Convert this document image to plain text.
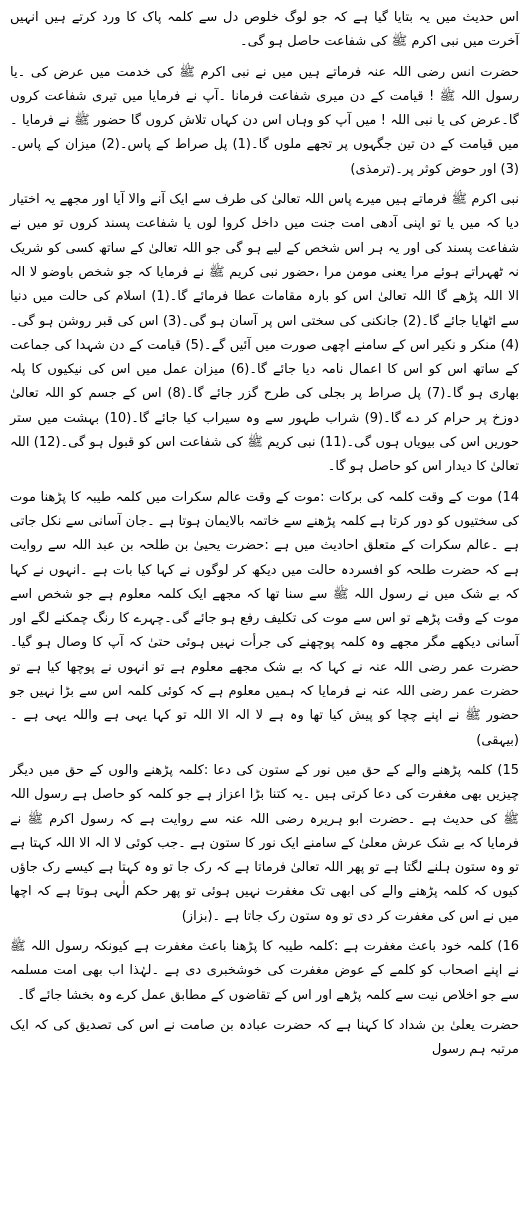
اس حدیث میں یہ بتایا گیا ہے کہ جو لوگ خلوص دل سے کلمہ پاک کا ورد کرتے ہیں انہیں آخرت میں نبی اکرم ﷺ کی شفاعت حاصل ہو گی۔

حضرت انس رضی اللہ عنہ فرماتے ہیں میں نے نبی اکرم ﷺ کی خدمت میں عرض کی ۔یا رسول اللہ ﷺ ! قیامت کے دن میری شفاعت فرمانا ۔آپ نے فرمایا میں تیری شفاعت کروں گا۔عرض کی یا نبی اللہ ! میں آپ کو وہاں اس دن کہاں تلاش کروں گا حضور ﷺ نے فرمایا ۔میں قیامت کے دن تین جگہوں پر تجھے ملوں گا۔(1) پل صراط کے پاس۔(2) میزان کے پاس۔(3) اور حوض کوثر پر۔(ترمذی)

نبی اکرم ﷺ فرماتے ہیں میرے پاس اللہ تعالیٰ کی طرف سے ایک آنے والا آیا اور مجھے یہ اختیار دیا کہ میں یا تو اپنی آدھی امت جنت میں داخل کروا لوں یا شفاعت پسند کروں تو میں نے شفاعت پسند کی اور یہ ہر اس شخص کے لیے ہو گی جو اللہ تعالیٰ کے ساتھ کسی کو شریک نہ ٹھہراتے ہوئے مرا یعنی مومن مرا ،حضور نبی کریم ﷺ نے فرمایا کہ جو شخص باوضو لا الہ الا اللہ پڑھے گا اللہ تعالیٰ اس کو بارہ مقامات عطا فرمائے گا۔(1) اسلام کی حالت میں دنیا سے اٹھایا جائے گا۔(2) جانکنی کی سختی اس پر آسان ہو گی۔(3) اس کی قبر روشن ہو گی۔(4) منکر و نکیر اس کے سامنے اچھی صورت میں آئیں گے۔(5) قیامت کے دن شہدا کی جماعت کے ساتھ اس کو اس کا اعمال نامہ دیا جائے گا۔(6) میزان عمل میں اس کی نیکیوں کا پلہ بھاری ہو گا۔(7) پل صراط پر بجلی کی طرح گزر جائے گا۔(8) اس کے جسم کو اللہ تعالیٰ دوزخ پر حرام کر دے گا۔(9) شراب طہور سے وہ سیراب کیا جائے گا۔(10) بہشت میں ستر حوریں اس کی بیویاں ہوں گی۔(11) نبی کریم ﷺ کی شفاعت اس کو قبول ہو گی۔(12) اللہ تعالیٰ کا دیدار اس کو حاصل ہو گا۔

14) موت کے وقت کلمہ کی برکات :موت کے وقت عالم سکرات میں کلمہ طیبہ کا پڑھنا موت کی سختیوں کو دور کرتا ہے کلمہ پڑھنے سے خاتمہ بالایمان ہوتا ہے ۔جان آسانی سے نکل جاتی ہے ۔عالم سکرات کے متعلق احادیث میں ہے :حضرت یحییٰ بن طلحہ بن عبد اللہ سے روایت ہے کہ حضرت طلحہ کو افسردہ حالت میں دیکھ کر لوگوں نے کہا کیا بات ہے ۔انہوں نے کہا کہ بے شک میں نے رسول اللہ ﷺ سے سنا تھا کہ مجھے ایک کلمہ معلوم ہے جو شخص اسے موت کے وقت پڑھے تو اس سے موت کی تکلیف رفع ہو جائے گی۔چہرے کا رنگ چمکنے لگے اور آسانی دیکھے مگر مجھے وہ کلمہ پوچھنے کی جرأت نہیں ہوئی حتیٰ کہ آپ کا وصال ہو گیا۔حضرت عمر رضی اللہ عنہ نے کہا کہ بے شک مجھے معلوم ہے تو انہوں نے پوچھا کیا ہے تو حضرت عمر رضی اللہ عنہ نے فرمایا کہ ہمیں معلوم ہے کہ کوئی کلمہ اس سے بڑا نہیں جو حضور ﷺ نے اپنے چچا کو پیش کیا تھا وہ ہے لا الہ الا اللہ تو کہا یہی ہے واللہ یہی ہے ۔(بیہقی)

15) کلمہ پڑھنے والے کے حق میں نور کے ستون کی دعا :کلمہ پڑھنے والوں کے حق میں دیگر چیزیں بھی مغفرت کی دعا کرتی ہیں ۔یہ کتنا بڑا اعزاز ہے جو کلمہ کو حاصل ہے رسول اللہ ﷺ کی حدیث ہے ۔حضرت ابو ہریرہ رضی اللہ عنہ سے روایت ہے کہ رسول اکرم ﷺ نے فرمایا کہ بے شک عرش معلیٰ کے سامنے ایک نور کا ستون ہے ۔جب کوئی لا الہ الا اللہ کہتا ہے تو وہ ستون ہلنے لگتا ہے تو پھر اللہ تعالیٰ فرماتا ہے کہ رک جا تو وہ کہتا ہے کیسے رک جاؤں کیوں کہ کلمہ پڑھنے والے کی ابھی تک مغفرت نہیں ہوئی تو پھر حکم الٰہی ہوتا ہے کہ اچھا میں نے اس کی مغفرت کر دی تو وہ ستون رک جاتا ہے ۔(بزاز)

16) کلمہ خود باعث مغفرت ہے :کلمہ طیبہ کا پڑھنا باعث مغفرت ہے کیونکہ رسول اللہ ﷺ نے اپنے اصحاب کو کلمے کے عوض مغفرت کی خوشخبری دی ہے ۔لہٰذا اب بھی امت مسلمہ سے جو اخلاص نیت سے کلمہ پڑھے اور اس کے تقاضوں کے مطابق عمل کرے وہ بخشا جائے گا۔

حضرت یعلیٰ بن شداد کا کہنا ہے کہ حضرت عبادہ بن صامت نے اس کی تصدیق کی کہ ایک مرتبہ ہم رسول
